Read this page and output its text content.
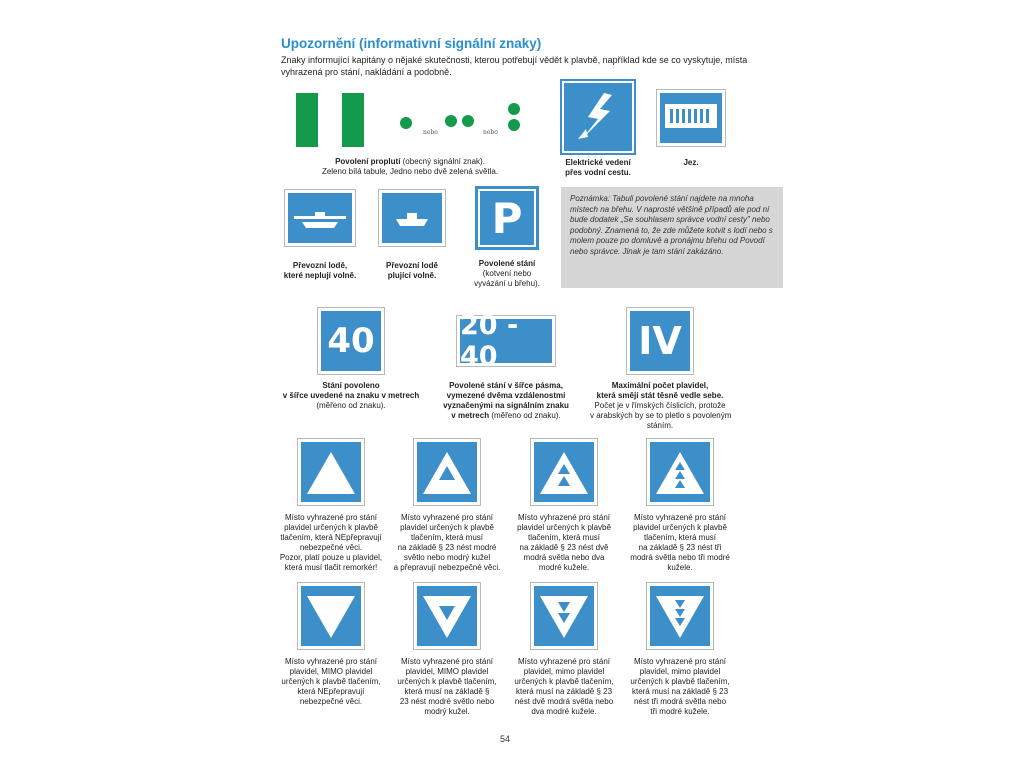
Upozornění (informativní signální znaky)
Znaky informující kapitány o nějaké skutečnosti, kterou potřebují vědět k plavbě, například kde se co vyskytuje, místa vyhrazená pro stání, nakládání a podobně.
nebo	nebo
Povolení proplutí (obecný signální znak).
Zeleno bílá tabule, Jedno nebo dvě zelená světla.
Elektrické vedení
přes vodní cestu.
Jez.
Převozní lodě,
které neplují volně.
Převozní lodě
plující volně.
P
Povolené stání
(kotvení nebo
vyvázání u břehu).

Poznámka: Tabuli povolené stání najdete na mnoha místech na břehu. V naprosté většině případů ale pod ní bude dodatek „Se souhlasem správce vodní cesty" nebo podobný. Znamená to, že zde můžete kotvit s lodí nebo s molem pouze po domluvě a pronájmu břehu od Povodí nebo správce. Jinak je tam stání zakázáno.

40
Stání povoleno
v šířce uvedené na znaku v metrech
(měřeno od znaku).
20 - 40
Povolené stání v šířce pásma,
vymezené dvěma vzdálenostmi
vyznačenými na signálním znaku
v metrech (měřeno od znaku).
IV
Maximální počet plavidel,
která smějí stát těsně vedle sebe.
Počet je v římských číslicích, protože
v arabských by se to pletlo s povoleným
stáním.
Místo vyhrazené pro stání
plavidel určených k plavbě
tlačením, která NEpřepravují
nebezpečné věci.
Pozor, platí pouze u plavidel,
která musí tlačit remorkér!
Místo vyhrazené pro stání
plavidel určených k plavbě
tlačením, která musí
na základě § 23 nést modré
světlo nebo modrý kužel
a přepravují nebezpečné věci.
Místo vyhrazené pro stání
plavidel určených k plavbě
tlačením, která musí
na základě § 23 nést dvě
modrá světla nebo dva
modré kužele.
Místo vyhrazené pro stání
plavidel určených k plavbě
tlačením, která musí
na základě § 23 nést tři
modrá světla nebo tři modré
kužele.
Místo vyhrazené pro stání
plavidel, MIMO plavidel
určených k plavbě tlačením,
která NEpřepravují
nebezpečné věci.
Místo vyhrazené pro stání
plavidel, MIMO plavidel
určených k plavbě tlačením,
která musí na základě §
23 nést modré světlo nebo
modrý kužel.
Místo vyhrazené pro stání
plavidel, mimo plavidel
určených k plavbě tlačením,
která musí na základě § 23
nést dvě modrá světla nebo
dva modré kužele.
Místo vyhrazené pro stání
plavidel, mimo plavidel
určených k plavbě tlačením,
která musí na základě § 23
nést tři modrá světla nebo
tři modré kužele.
54
